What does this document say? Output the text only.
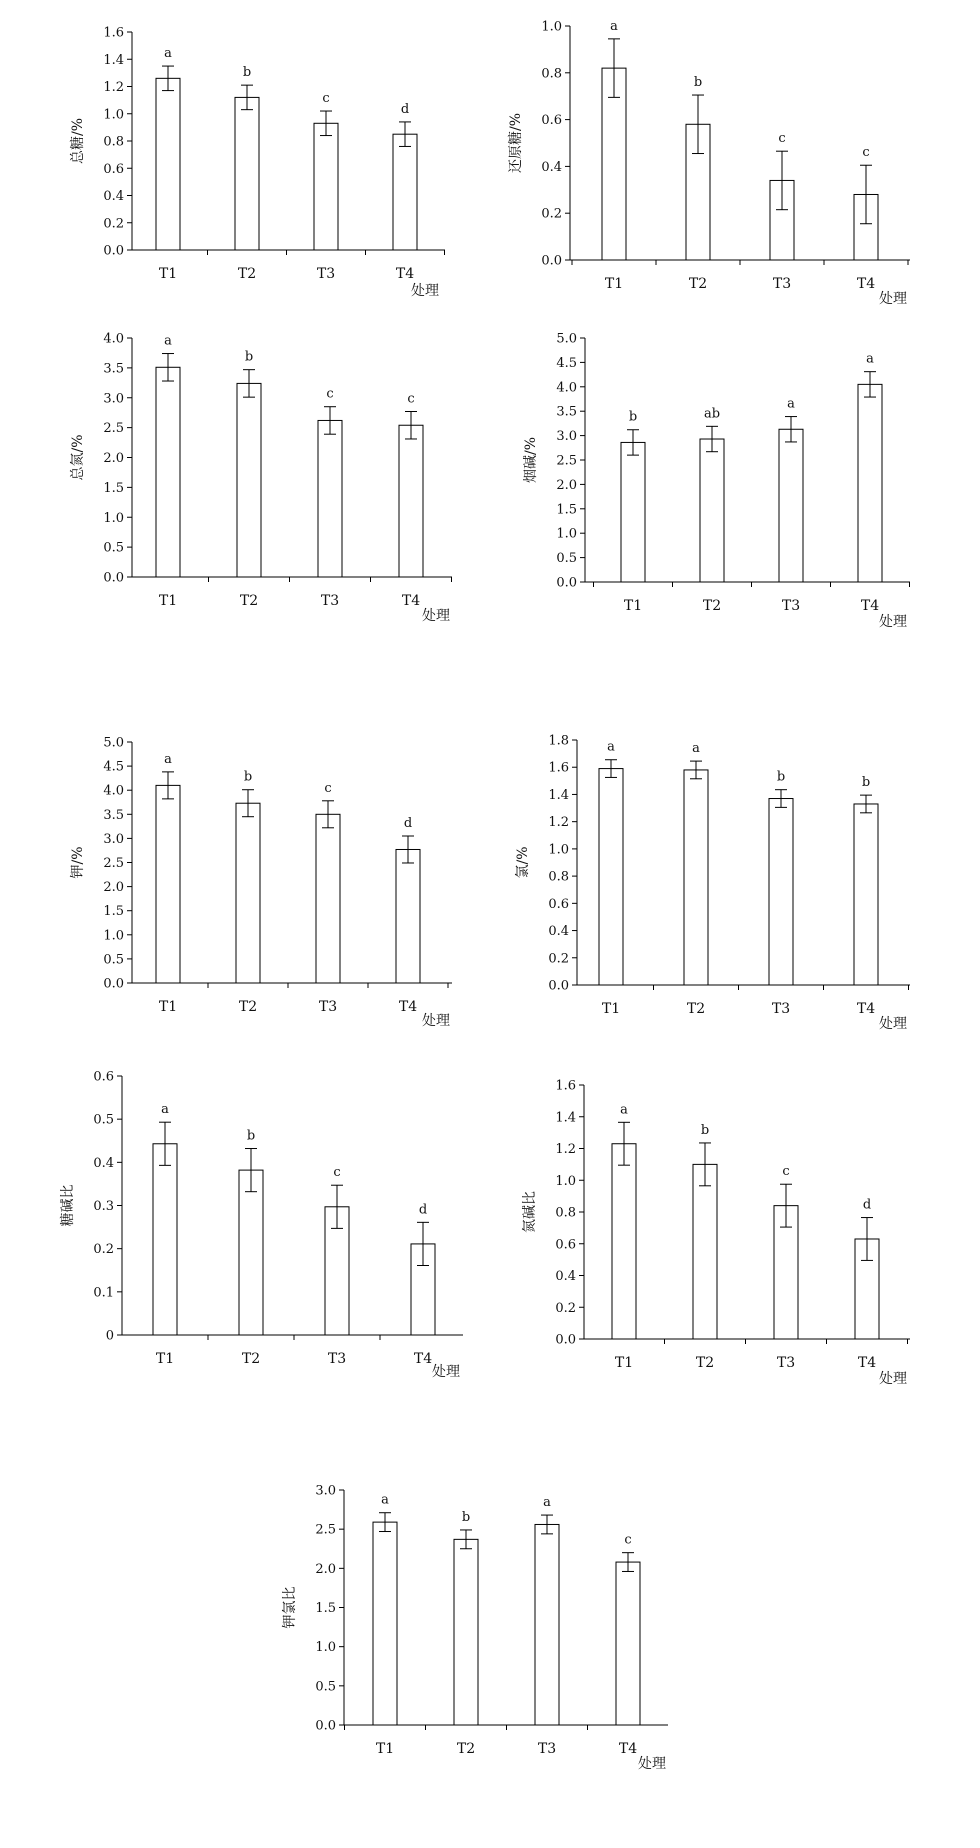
0.0
0.2
0.4
0.6
0.8
1.0
1.2
1.4
1.6
a
T1
b
T2
c
T3
d
T4
处理
总糖/%
0.0
0.2
0.4
0.6
0.8
1.0	a
T1
b
T2
c
T3
c
T4
处理
还原糖/%
0.0
0.5
1.0
1.5
2.0
2.5
3.0
3.5
4.0	a
T1
b
T2
c
T3
c
T4
处理
总氮/%
0.0
0.5
1.0
1.5
2.0
2.5
3.0
3.5
4.0
4.5
5.0
b
T1
ab
T2
a
T3
a
T4
处理
烟碱/%
0.0
0.5
1.0
1.5
2.0
2.5
3.0
3.5
4.0
4.5
5.0
a
T1
b
T2
c
T3
d
T4
处理
钾/%
0.0
0.2
0.4
0.6
0.8
1.0
1.2
1.4
1.6
1.8	a
T1
a
T2
b
T3
b
T4
处理
氯/%
0
0.1
0.2
0.3
0.4
0.5
0.6
a
T1
b
T2
c
T3
d
T4
处理
糖碱比
0.0
0.2
0.4
0.6
0.8
1.0
1.2
1.4
1.6
a
T1
b
T2
c
T3
d
T4
处理
氮碱比
0.0
0.5
1.0
1.5
2.0
2.5
3.0
a
T1
b
T2
a
T3
c
T4
处理
钾氯比
